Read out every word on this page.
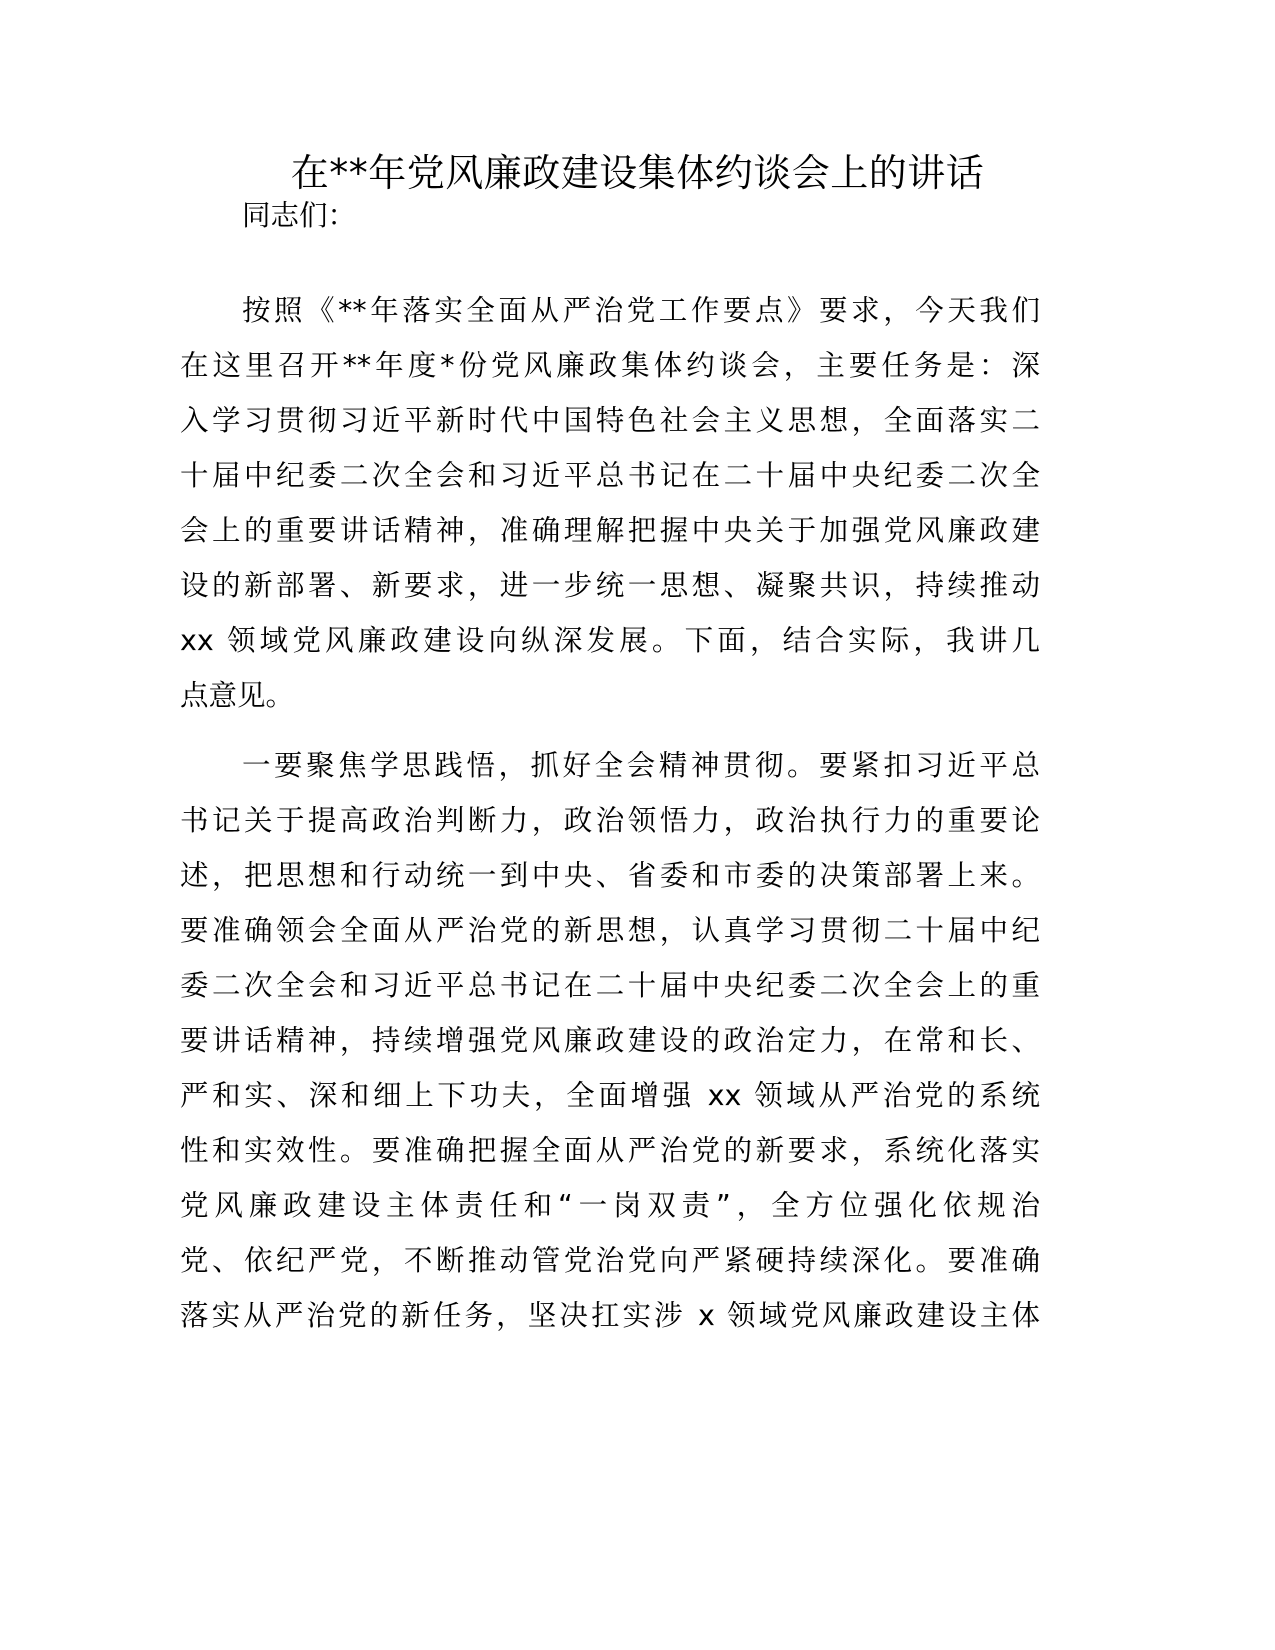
在**年党风廉政建设集体约谈会上的讲话
同志们：
按照《**年落实全面从严治党工作要点》要求，今天我们
在这里召开**年度*份党风廉政集体约谈会，主要任务是：深
入学习贯彻习近平新时代中国特色社会主义思想，全面落实二
十届中纪委二次全会和习近平总书记在二十届中央纪委二次全
会上的重要讲话精神，准确理解把握中央关于加强党风廉政建
设的新部署、新要求，进一步统一思想、凝聚共识，持续推动
xx 领域党风廉政建设向纵深发展。下面，结合实际，我讲几
点意见。
一要聚焦学思践悟，抓好全会精神贯彻。要紧扣习近平总
书记关于提高政治判断力，政治领悟力，政治执行力的重要论
述，把思想和行动统一到中央、省委和市委的决策部署上来。
要准确领会全面从严治党的新思想，认真学习贯彻二十届中纪
委二次全会和习近平总书记在二十届中央纪委二次全会上的重
要讲话精神，持续增强党风廉政建设的政治定力，在常和长、
严和实、深和细上下功夫，全面增强 xx 领域从严治党的系统
性和实效性。要准确把握全面从严治党的新要求，系统化落实
党风廉政建设主体责任和“一岗双责”，全方位强化依规治
党、依纪严党，不断推动管党治党向严紧硬持续深化。要准确
落实从严治党的新任务，坚决扛实涉 x 领域党风廉政建设主体
